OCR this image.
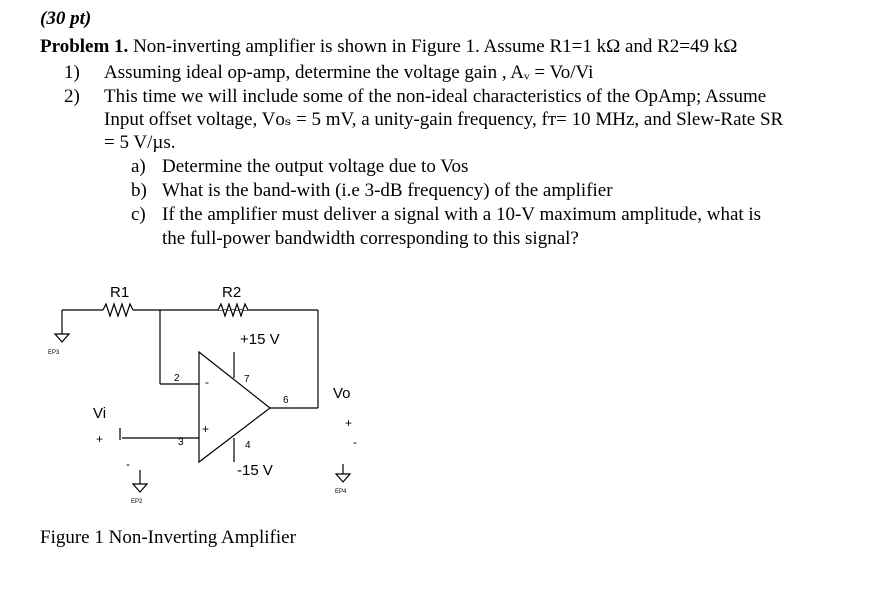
(30 pt)
Problem 1. Non-inverting amplifier is shown in Figure 1. Assume R1=1 kΩ and R2=49 kΩ
1) Assuming ideal op-amp, determine the voltage gain , Aᵥ = Vo/Vi
2) This time we will include some of the non-ideal characteristics of the OpAmp; Assume
Input offset voltage, Vᴏₛ = 5 mV, a unity-gain frequency, fᴛ= 10 MHz, and Slew-Rate SR
= 5 V/µs.
a) Determine the output voltage due to Vos
b) What is the band-with (i.e 3-dB frequency) of the amplifier
c) If the amplifier must deliver a signal with a 10-V maximum amplitude, what is
the full-power bandwidth corresponding to this signal?
R1	R2
+15 V
-15 V
Vi
Vo
+
-
+
-
2
3	4
6
7
-
+
EP2
EP3
EP4
Figure 1 Non-Inverting Amplifier
